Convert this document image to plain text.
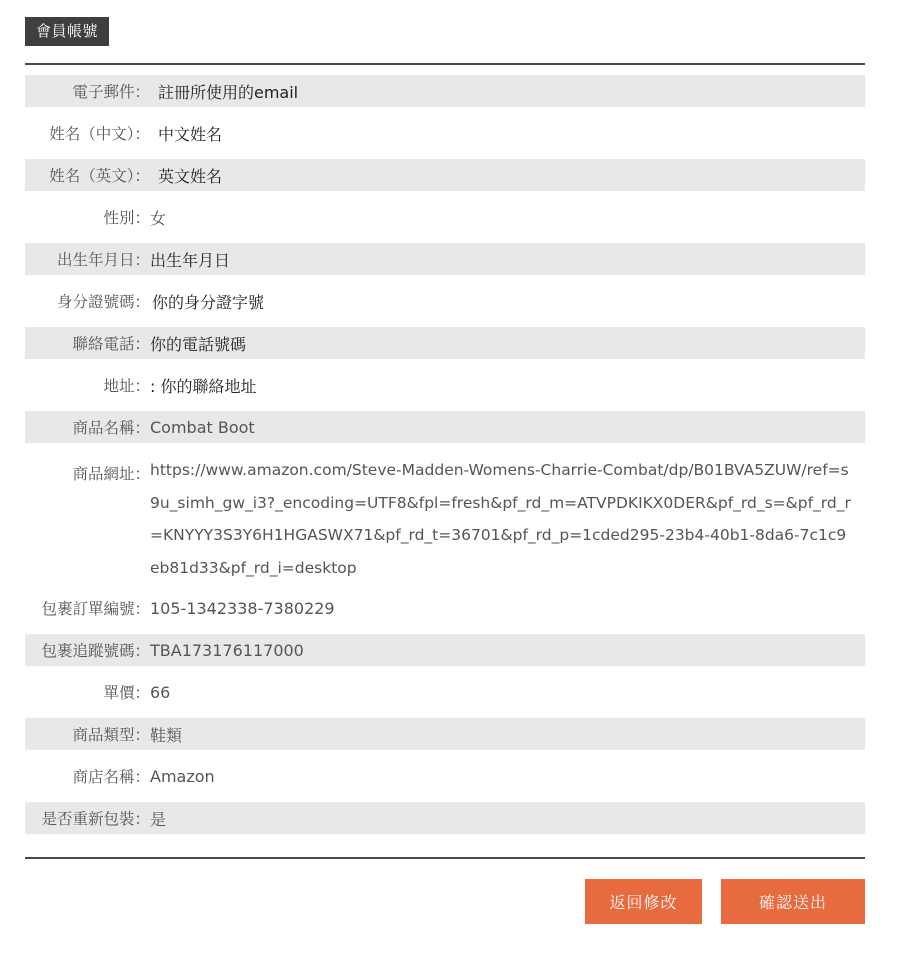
會員帳號
電子郵件： 註冊所使用的email
姓名（中文）： 中文姓名
姓名（英文）： 英文姓名
性別： 女
出生年月日： 出生年月日
身分證號碼： 你的身分證字號
聯絡電話： 你的電話號碼
地址： : 你的聯絡地址
商品名稱： Combat Boot
商品網址： https://www.amazon.com/Steve-Madden-Womens-Charrie-Combat/dp/B01BVA5ZUW/ref=s9u_simh_gw_i3?_encoding=UTF8&fpl=fresh&pf_rd_m=ATVPDKIKX0DER&pf_rd_s=&pf_rd_r=KNYYY3S3Y6H1HGASWX71&pf_rd_t=36701&pf_rd_p=1cded295-23b4-40b1-8da6-7c1c9eb81d33&pf_rd_i=desktop
包裹訂單編號： 105-1342338-7380229
包裹追蹤號碼： TBA173176117000
單價： 66
商品類型： 鞋類
商店名稱： Amazon
是否重新包裝： 是
返回修改	確認送出
